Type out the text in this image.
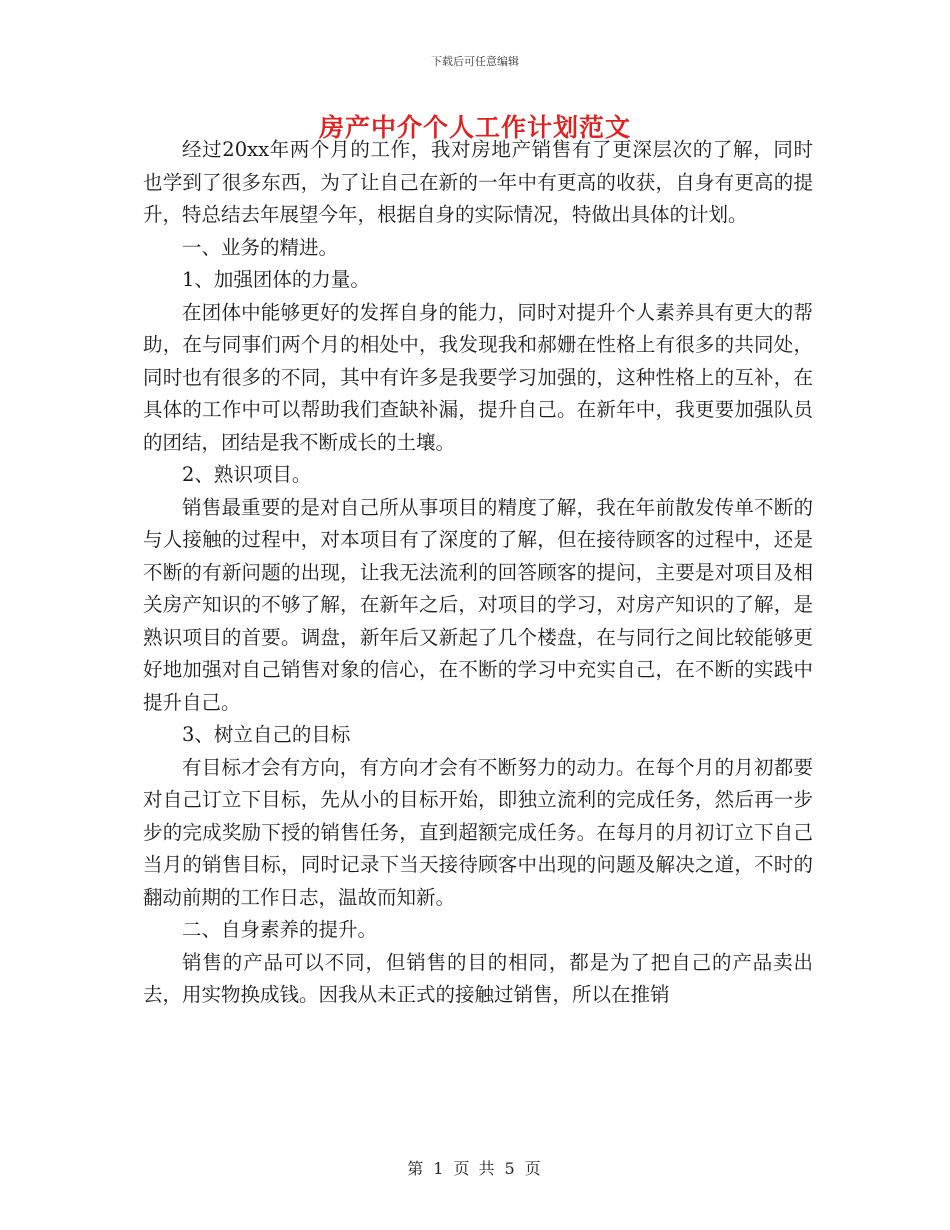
下载后可任意编辑
房产中介个人工作计划范文

经过20xx年两个月的工作，我对房地产销售有了更深层次的了解，同时也学到了很多东西，为了让自己在新的一年中有更高的收获，自身有更高的提升，特总结去年展望今年，根据自身的实际情况，特做出具体的计划。

一、业务的精进。

1、加强团体的力量。

在团体中能够更好的发挥自身的能力，同时对提升个人素养具有更大的帮助，在与同事们两个月的相处中，我发现我和郝姗在性格上有很多的共同处，同时也有很多的不同，其中有许多是我要学习加强的，这种性格上的互补，在具体的工作中可以帮助我们查缺补漏，提升自己。在新年中，我更要加强队员的团结，团结是我不断成长的土壤。

2、熟识项目。

销售最重要的是对自己所从事项目的精度了解，我在年前散发传单不断的与人接触的过程中，对本项目有了深度的了解，但在接待顾客的过程中，还是不断的有新问题的出现，让我无法流利的回答顾客的提问，主要是对项目及相关房产知识的不够了解，在新年之后，对项目的学习，对房产知识的了解，是熟识项目的首要。调盘，新年后又新起了几个楼盘，在与同行之间比较能够更好地加强对自己销售对象的信心，在不断的学习中充实自己，在不断的实践中提升自己。

3、树立自己的目标

有目标才会有方向，有方向才会有不断努力的动力。在每个月的月初都要对自己订立下目标，先从小的目标开始，即独立流利的完成任务，然后再一步步的完成奖励下授的销售任务，直到超额完成任务。在每月的月初订立下自己当月的销售目标，同时记录下当天接待顾客中出现的问题及解决之道，不时的翻动前期的工作日志，温故而知新。

二、自身素养的提升。

销售的产品可以不同，但销售的目的相同，都是为了把自己的产品卖出去，用实物换成钱。因我从未正式的接触过销售，所以在推销

第 1 页 共 5 页
